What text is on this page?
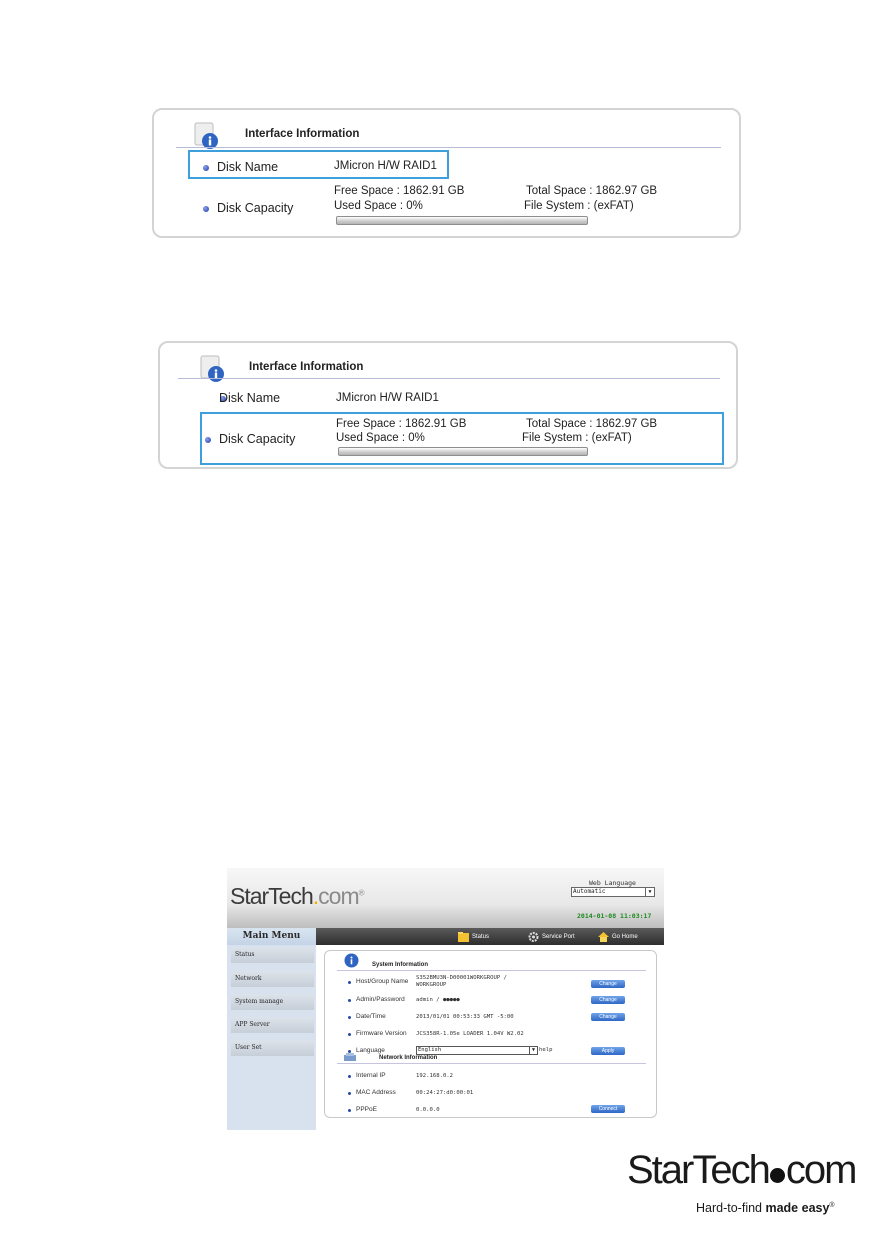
Interface Information
Disk Name	JMicron H/W RAID1
Disk Capacity
Free Space : 1862.91 GB	Total Space : 1862.97 GB
Used Space : 0%	File System : (exFAT)
Interface Information
Disk Name	JMicron H/W RAID1
Disk Capacity
Free Space : 1862.91 GB	Total Space : 1862.97 GB
Used Space : 0%	File System : (exFAT)
StarTech.com®
Web Language
Automatic	▼
2014-01-08 11:03:17
Main Menu
Status
Network
System manage
APP Server
User Set
Status	Service Port	Go Home
System Information
Host/Group Name S352BMU3N-D00001WORKGROUP /
WORKGROUP	Change
Admin/Password admin / ●●●●●	Change
Date/Time	2013/01/01 00:53:33 GMT -5:00	Change
Firmware Version JCS358R-1.05e LOADER 1.04V W2.02
Language	English	▼ help	Apply
Network Information
Internal IP	192.168.0.2
MAC Address	00:24:27:d0:00:01
PPPoE	0.0.0.0	Connect
StarTech com
Hard-to-find made easy®
